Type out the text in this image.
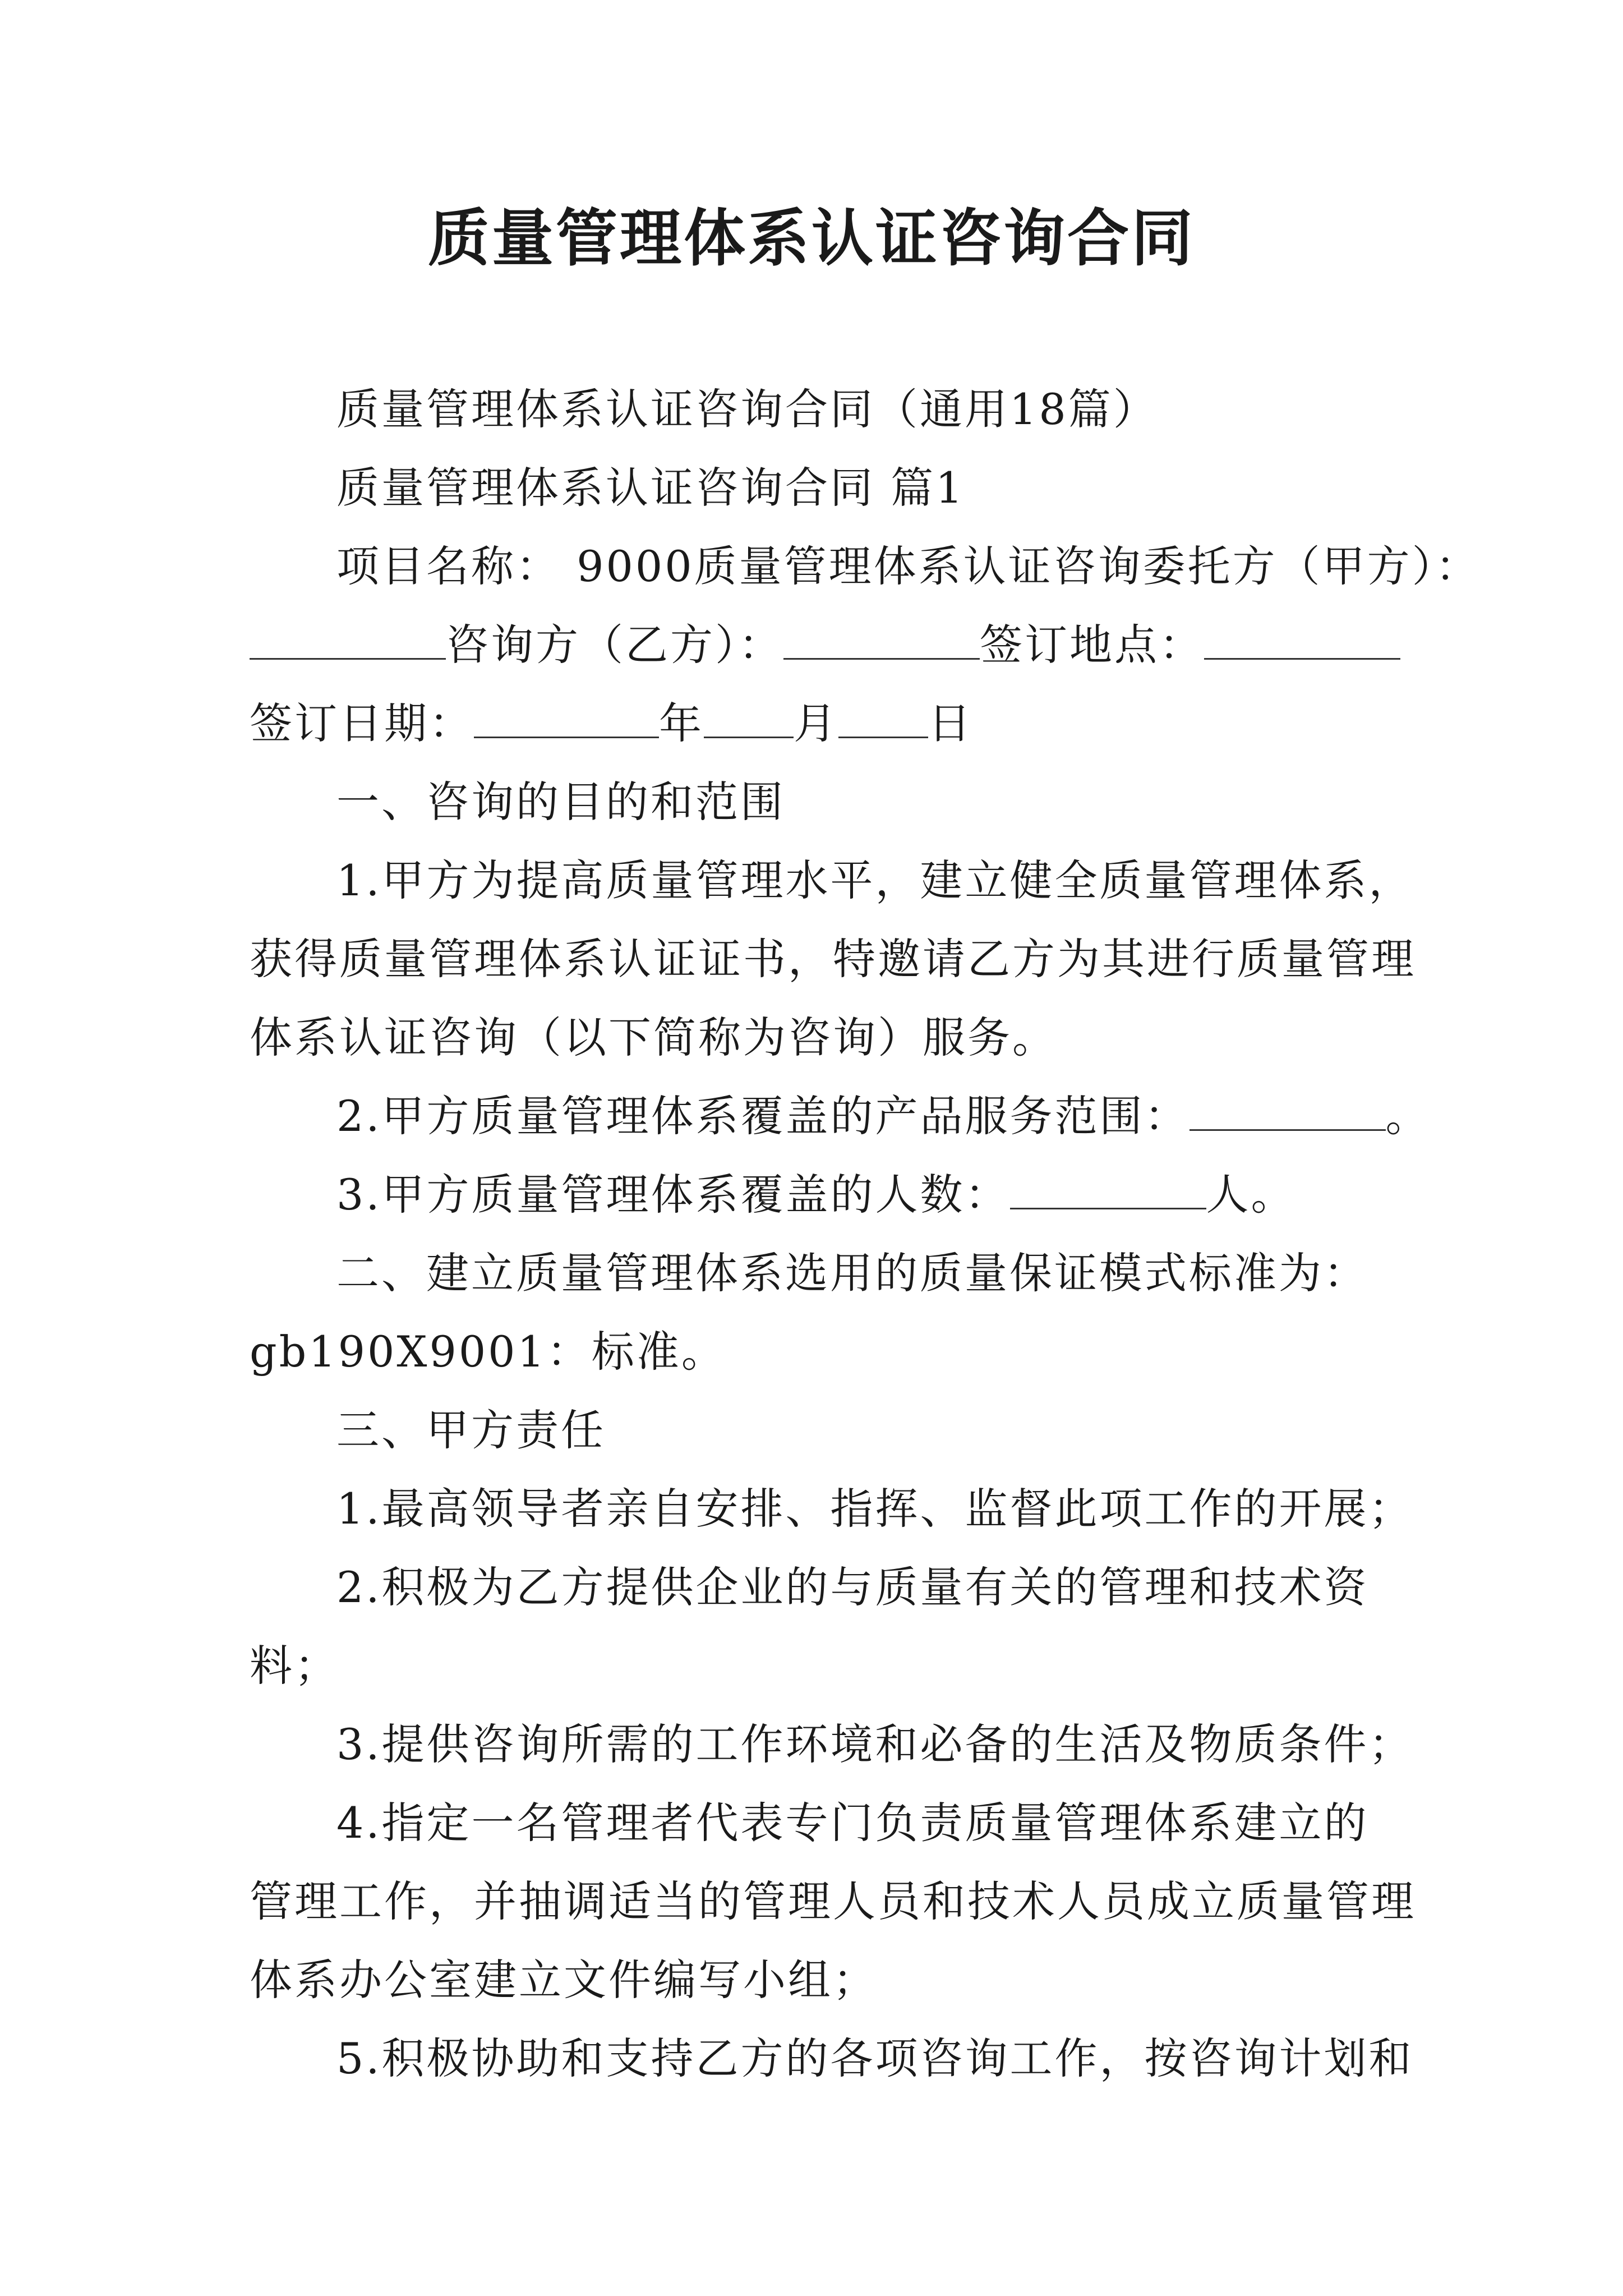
质量管理体系认证咨询合同
质量管理体系认证咨询合同（通用18篇）
质量管理体系认证咨询合同 篇1
项目名称： 9000质量管理体系认证咨询委托方（甲方）：
咨询方（乙方）：	签订地点：
签订日期：	年 月 日
一、咨询的目的和范围
1.甲方为提高质量管理水平，建立健全质量管理体系，
获得质量管理体系认证证书，特邀请乙方为其进行质量管理
体系认证咨询（以下简称为咨询）服务。
2.甲方质量管理体系覆盖的产品服务范围：	。
3.甲方质量管理体系覆盖的人数：	人。
二、建立质量管理体系选用的质量保证模式标准为：
gb190X9001：标准。
三、甲方责任
1.最高领导者亲自安排、指挥、监督此项工作的开展；
2.积极为乙方提供企业的与质量有关的管理和技术资
料；
3.提供咨询所需的工作环境和必备的生活及物质条件；
4.指定一名管理者代表专门负责质量管理体系建立的
管理工作，并抽调适当的管理人员和技术人员成立质量管理
体系办公室建立文件编写小组；
5.积极协助和支持乙方的各项咨询工作，按咨询计划和
